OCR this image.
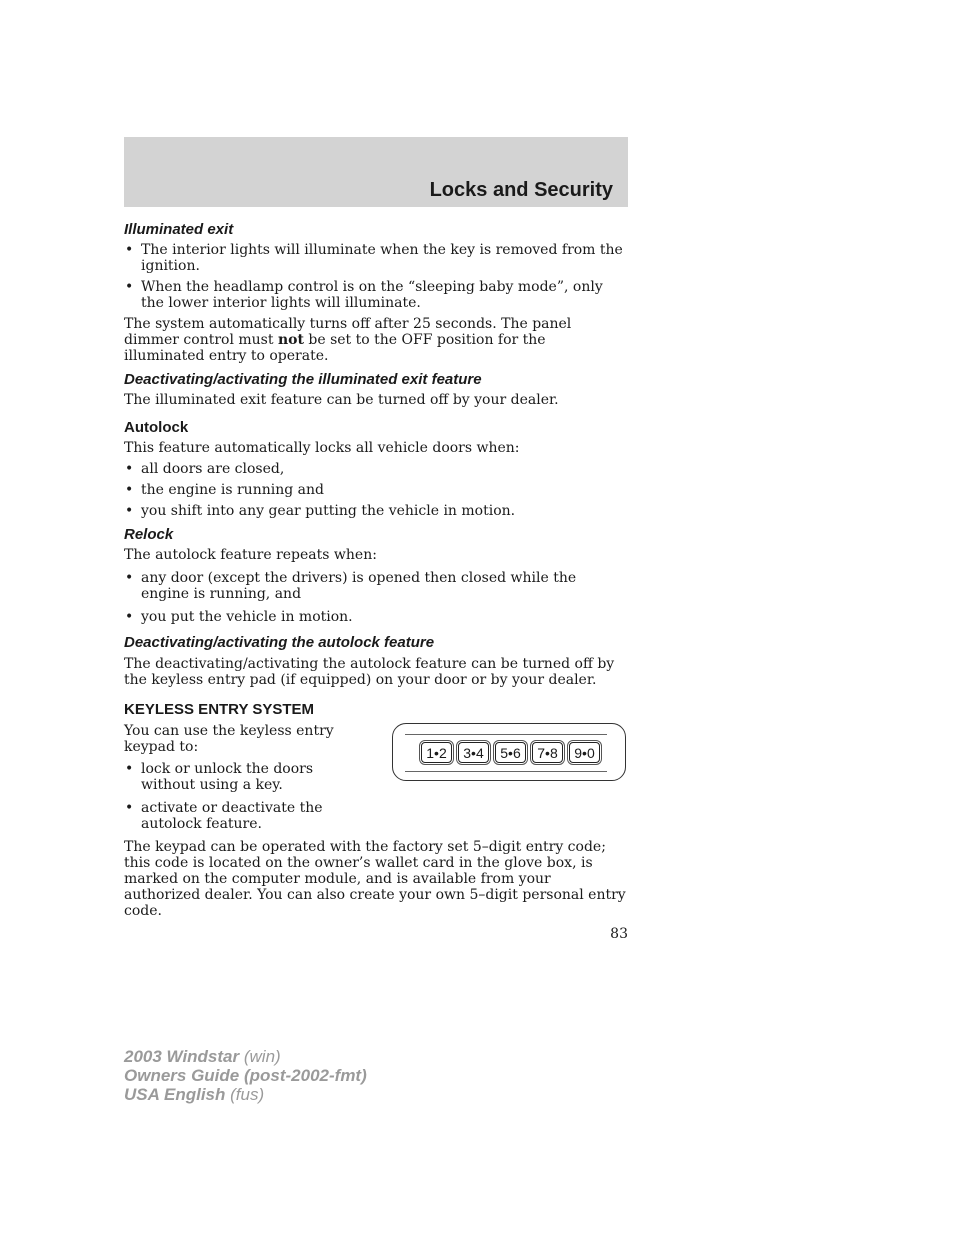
Locks and Security
Illuminated exit
• The interior lights will illuminate when the key is removed from the ignition.
• When the headlamp control is on the “sleeping baby mode”, only the lower interior lights will illuminate.

The system automatically turns off after 25 seconds. The panel dimmer control must not be set to the OFF position for the illuminated entry to operate.

Deactivating/activating the illuminated exit feature

The illuminated exit feature can be turned off by your dealer.

Autolock

This feature automatically locks all vehicle doors when:

• all doors are closed,
• the engine is running and
• you shift into any gear putting the vehicle in motion.
Relock

The autolock feature repeats when:

• any door (except the drivers) is opened then closed while the engine is running, and
• you put the vehicle in motion.
Deactivating/activating the autolock feature

The deactivating/activating the autolock feature can be turned off by the keyless entry pad (if equipped) on your door or by your dealer.

KEYLESS ENTRY SYSTEM

You can use the keyless entry keypad to:

• lock or unlock the doors without using a key.
• activate or deactivate the autolock feature.
1•2	3•4	5•6	7•8	9•0

The keypad can be operated with the factory set 5–digit entry code; this code is located on the owner’s wallet card in the glove box, is marked on the computer module, and is available from your authorized dealer. You can also create your own 5–digit personal entry code.

83

2003 Windstar (win)
Owners Guide (post-2002-fmt)
USA English (fus)
